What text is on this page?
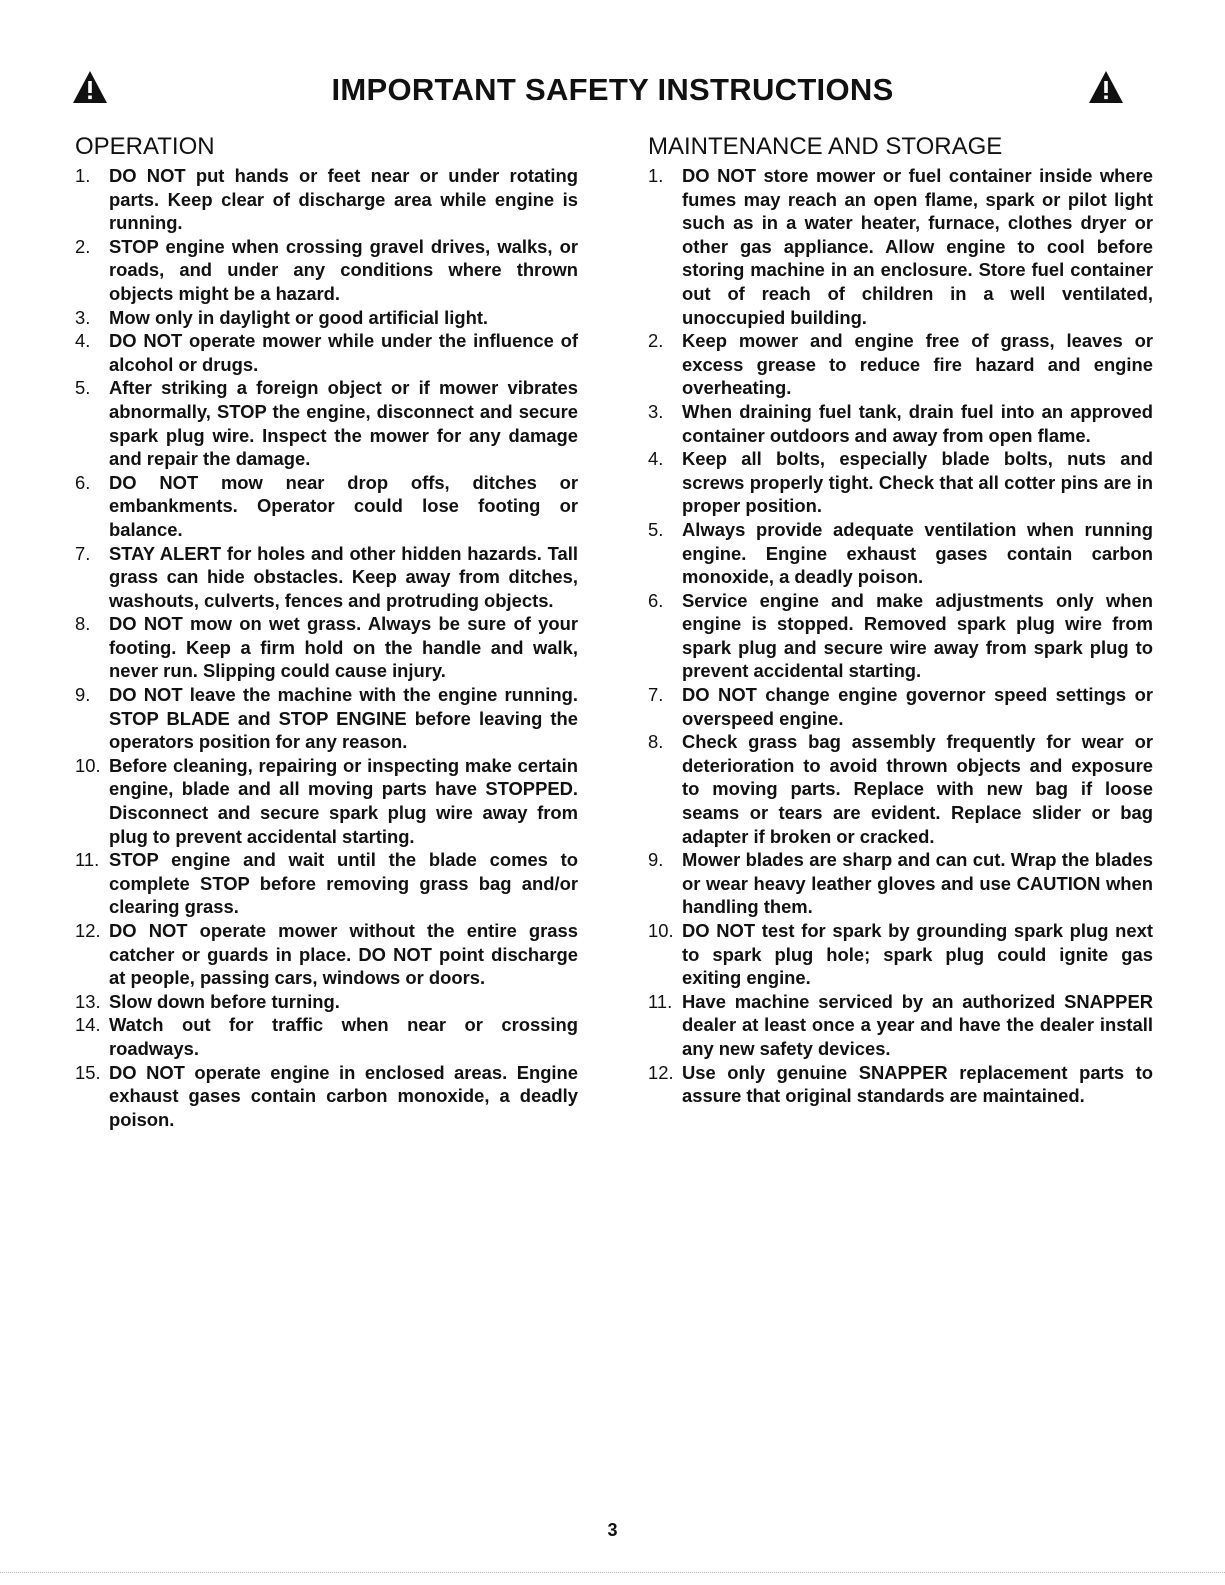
IMPORTANT SAFETY INSTRUCTIONS
OPERATION
1. DO NOT put hands or feet near or under rotating parts. Keep clear of discharge area while engine is running.
2. STOP engine when crossing gravel drives, walks, or roads, and under any conditions where thrown objects might be a hazard.
3. Mow only in daylight or good artificial light.
4. DO NOT operate mower while under the influence of alcohol or drugs.
5. After striking a foreign object or if mower vibrates abnormally, STOP the engine, disconnect and secure spark plug wire. Inspect the mower for any damage and repair the damage.
6. DO NOT mow near drop offs, ditches or embankments. Operator could lose footing or balance.
7. STAY ALERT for holes and other hidden hazards. Tall grass can hide obstacles. Keep away from ditches, washouts, culverts, fences and protruding objects.
8. DO NOT mow on wet grass. Always be sure of your footing. Keep a firm hold on the handle and walk, never run. Slipping could cause injury.
9. DO NOT leave the machine with the engine running. STOP BLADE and STOP ENGINE before leaving the operators position for any reason.
10. Before cleaning, repairing or inspecting make certain engine, blade and all moving parts have STOPPED. Disconnect and secure spark plug wire away from plug to prevent accidental starting.
11. STOP engine and wait until the blade comes to complete STOP before removing grass bag and/or clearing grass.
12. DO NOT operate mower without the entire grass catcher or guards in place. DO NOT point discharge at people, passing cars, windows or doors.
13. Slow down before turning.
14. Watch out for traffic when near or crossing roadways.
15. DO NOT operate engine in enclosed areas. Engine exhaust gases contain carbon monoxide, a deadly poison.
MAINTENANCE AND STORAGE
1. DO NOT store mower or fuel container inside where fumes may reach an open flame, spark or pilot light such as in a water heater, furnace, clothes dryer or other gas appliance. Allow engine to cool before storing machine in an enclosure. Store fuel container out of reach of children in a well ventilated, unoccupied building.
2. Keep mower and engine free of grass, leaves or excess grease to reduce fire hazard and engine overheating.
3. When draining fuel tank, drain fuel into an approved container outdoors and away from open flame.
4. Keep all bolts, especially blade bolts, nuts and screws properly tight. Check that all cotter pins are in proper position.
5. Always provide adequate ventilation when running engine. Engine exhaust gases contain carbon monoxide, a deadly poison.
6. Service engine and make adjustments only when engine is stopped. Removed spark plug wire from spark plug and secure wire away from spark plug to prevent accidental starting.
7. DO NOT change engine governor speed settings or overspeed engine.
8. Check grass bag assembly frequently for wear or deterioration to avoid thrown objects and exposure to moving parts. Replace with new bag if loose seams or tears are evident. Replace slider or bag adapter if broken or cracked.
9. Mower blades are sharp and can cut. Wrap the blades or wear heavy leather gloves and use CAUTION when handling them.
10. DO NOT test for spark by grounding spark plug next to spark plug hole; spark plug could ignite gas exiting engine.
11. Have machine serviced by an authorized SNAPPER dealer at least once a year and have the dealer install any new safety devices.
12. Use only genuine SNAPPER replacement parts to assure that original standards are maintained.
3
